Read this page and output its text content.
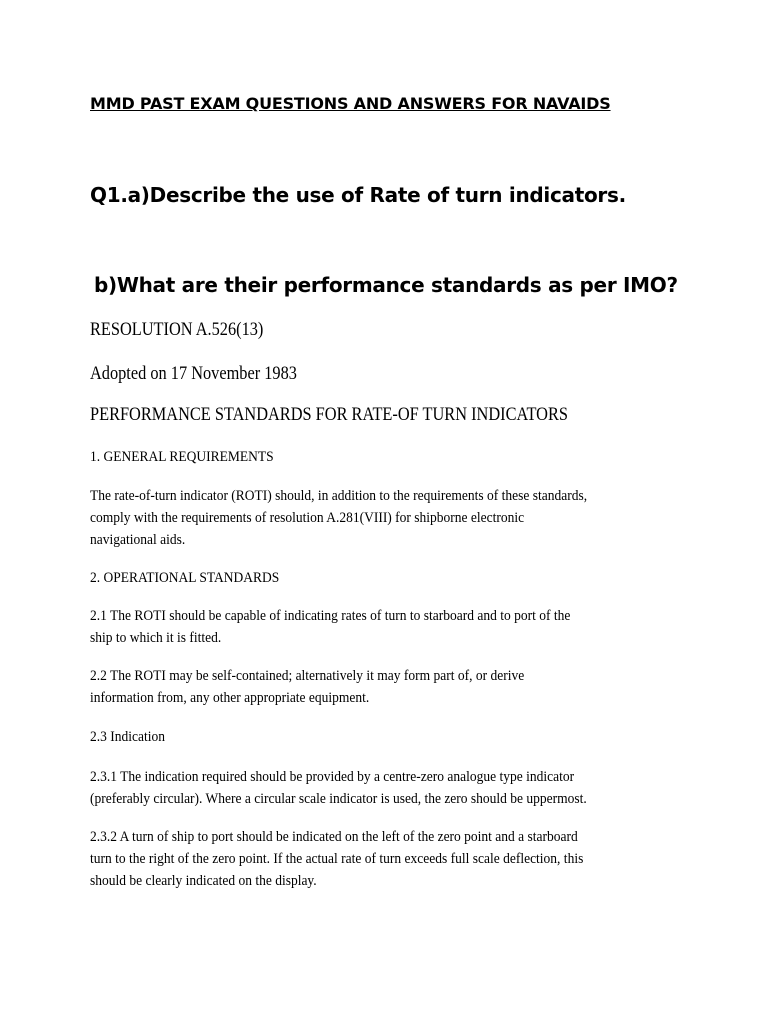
MMD PAST EXAM QUESTIONS AND ANSWERS FOR NAVAIDS

Q1.a)Describe the use of Rate of turn indicators.

b)What are their performance standards as per IMO?

RESOLUTION A.526(13)

Adopted on 17 November 1983

PERFORMANCE STANDARDS FOR RATE-OF TURN INDICATORS

1. GENERAL REQUIREMENTS

The rate-of-turn indicator (ROTI) should, in addition to the requirements of these standards,
comply with the requirements of resolution A.281(VIII) for shipborne electronic
navigational aids.

2. OPERATIONAL STANDARDS

2.1 The ROTI should be capable of indicating rates of turn to starboard and to port of the
ship to which it is fitted.
2.2 The ROTI may be self-contained; alternatively it may form part of, or derive
information from, any other appropriate equipment.

2.3 Indication

2.3.1 The indication required should be provided by a centre-zero analogue type indicator
(preferably circular). Where a circular scale indicator is used, the zero should be uppermost.
2.3.2 A turn of ship to port should be indicated on the left of the zero point and a starboard
turn to the right of the zero point. If the actual rate of turn exceeds full scale deflection, this
should be clearly indicated on the display.
